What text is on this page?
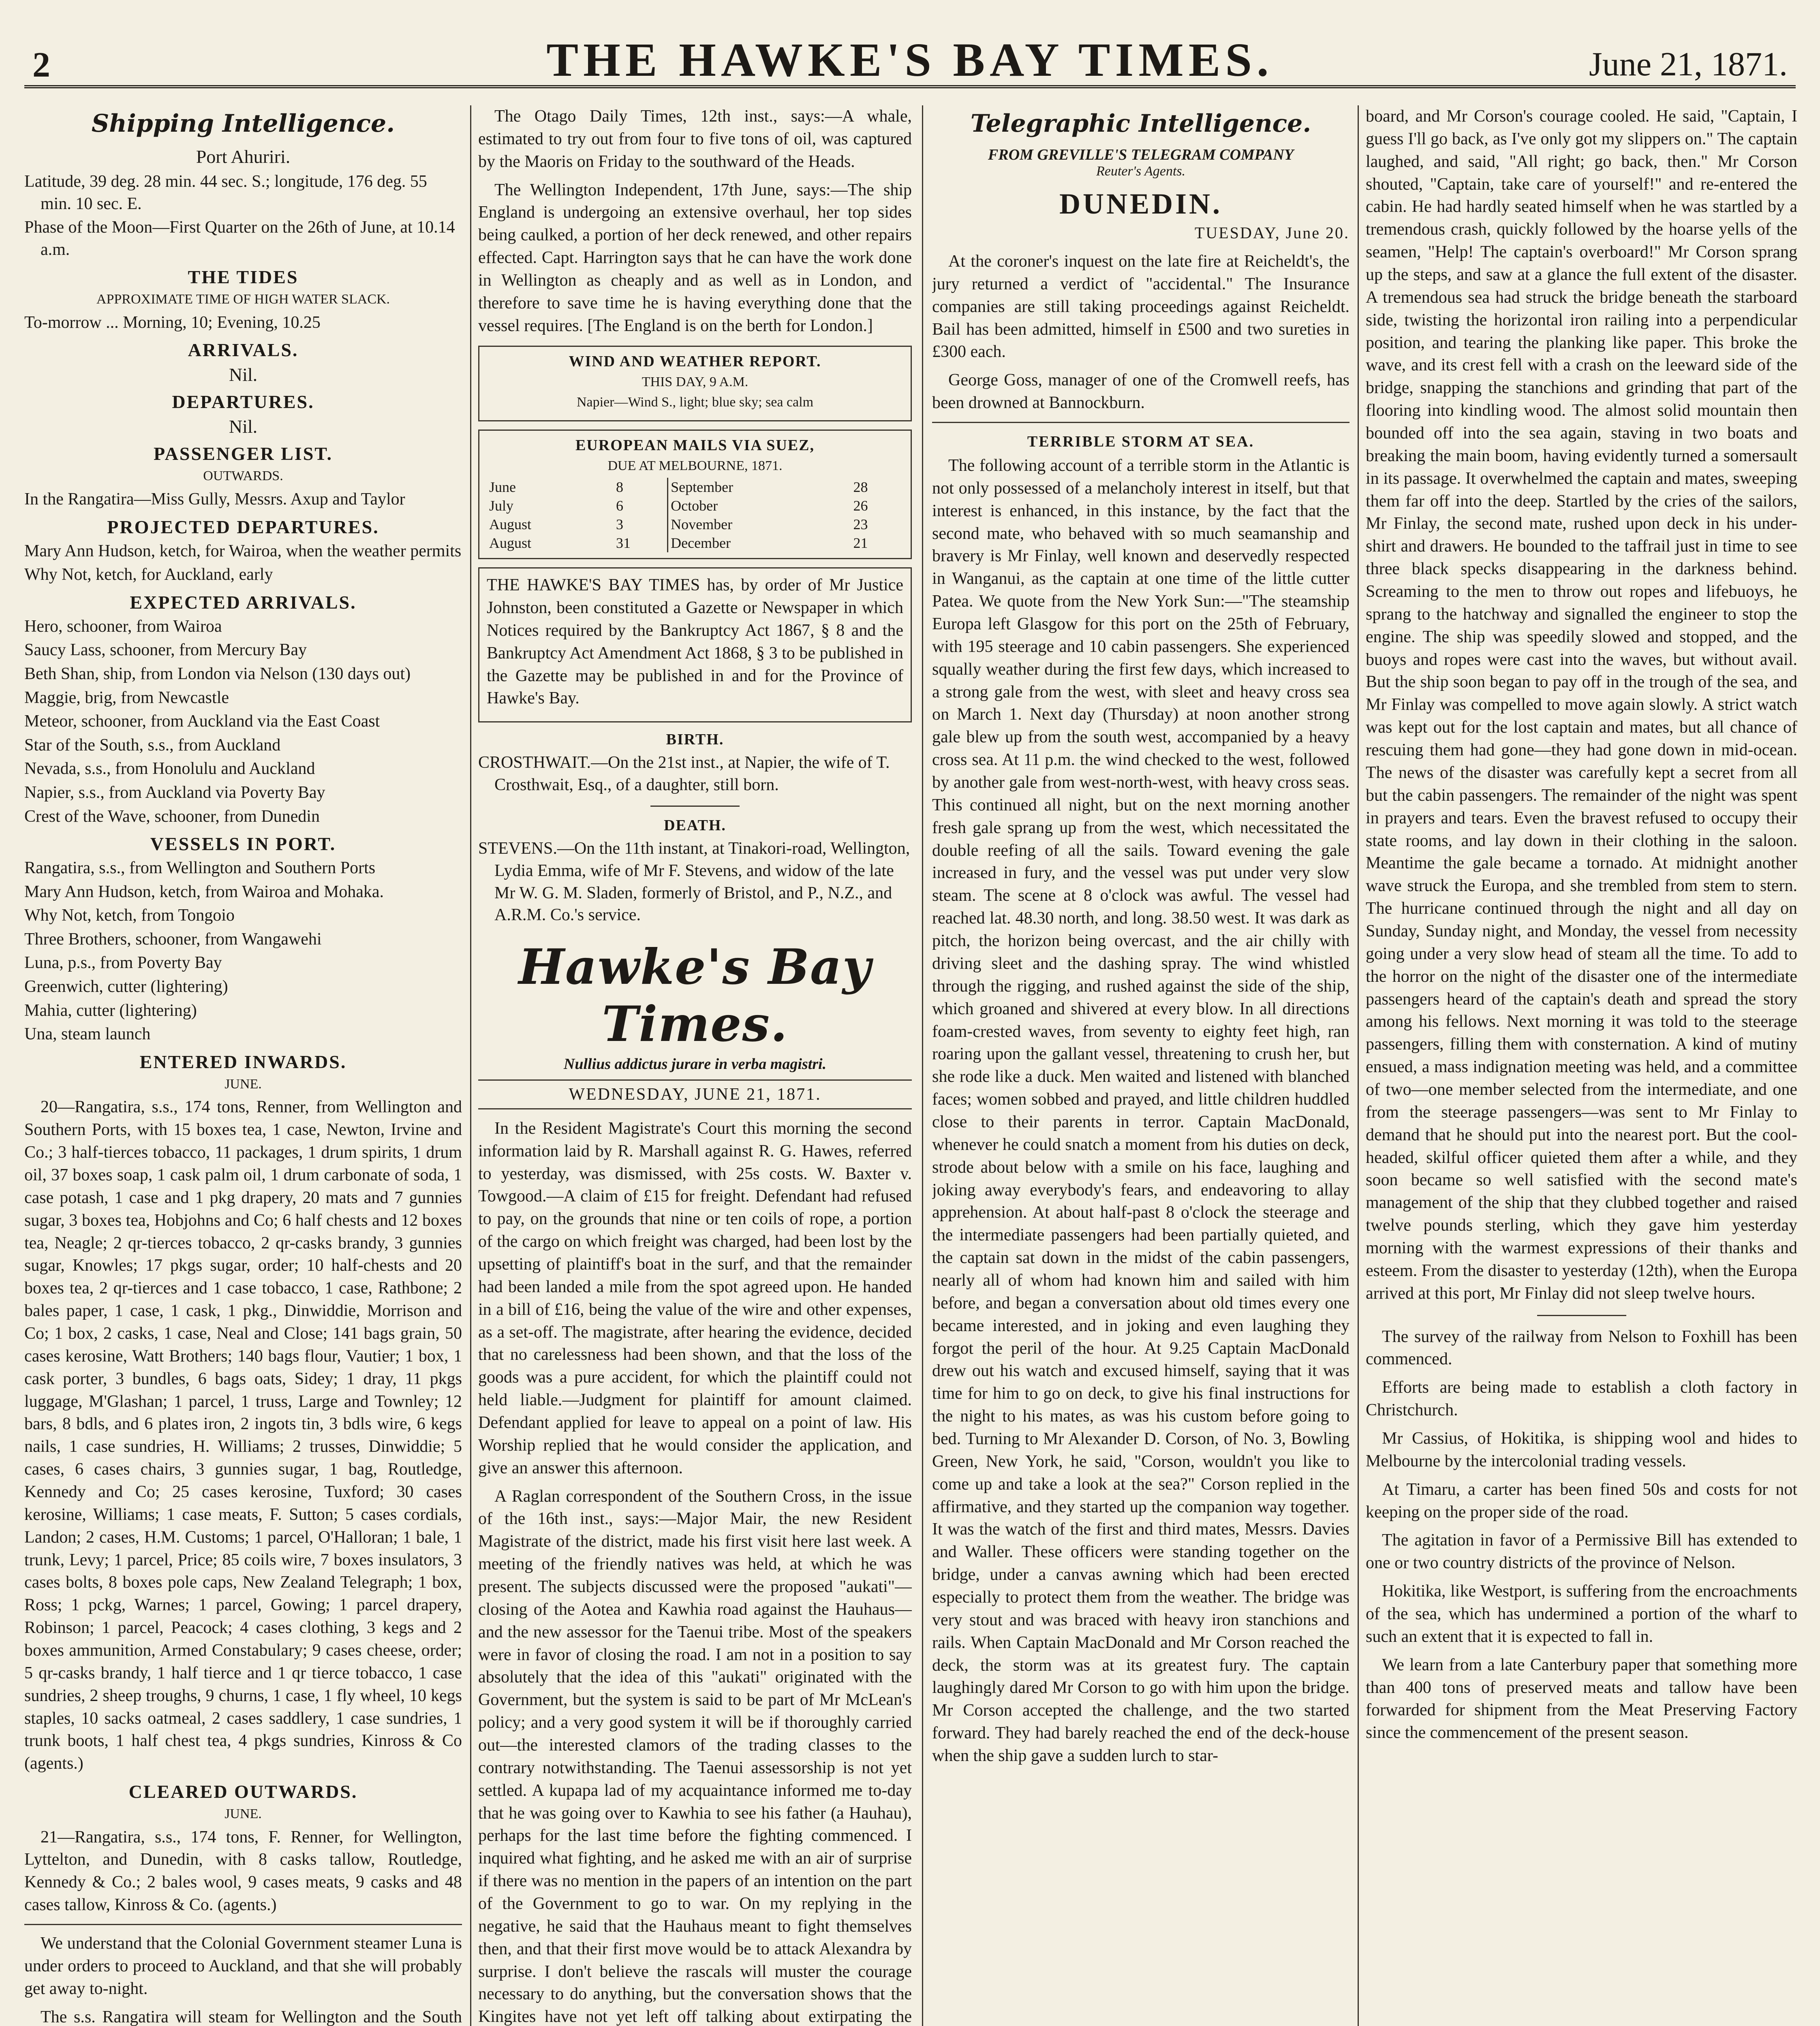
2	THE HAWKE'S BAY TIMES.	June 21, 1871.
Shipping Intelligence.
Port Ahuriri.
Latitude, 39 deg. 28 min. 44 sec. S.; longitude, 176 deg. 55 min. 10 sec. E.
Phase of the Moon—First Quarter on the 26th of June, at 10.14 a.m.
THE TIDES
APPROXIMATE TIME OF HIGH WATER SLACK.
To-morrow ... Morning, 10; Evening, 10.25
ARRIVALS.
Nil.
DEPARTURES.
Nil.
PASSENGER LIST.
OUTWARDS.
In the Rangatira—Miss Gully, Messrs. Axup and Taylor
PROJECTED DEPARTURES.
Mary Ann Hudson, ketch, for Wairoa, when the weather permits
Why Not, ketch, for Auckland, early
EXPECTED ARRIVALS.
Hero, schooner, from Wairoa
Saucy Lass, schooner, from Mercury Bay
Beth Shan, ship, from London via Nelson (130 days out)
Maggie, brig, from Newcastle
Meteor, schooner, from Auckland via the East Coast
Star of the South, s.s., from Auckland
Nevada, s.s., from Honolulu and Auckland
Napier, s.s., from Auckland via Poverty Bay
Crest of the Wave, schooner, from Dunedin
VESSELS IN PORT.
Rangatira, s.s., from Wellington and Southern Ports
Mary Ann Hudson, ketch, from Wairoa and Mohaka.
Why Not, ketch, from Tongoio
Three Brothers, schooner, from Wangawehi
Luna, p.s., from Poverty Bay
Greenwich, cutter (lightering)
Mahia, cutter (lightering)
Una, steam launch
ENTERED INWARDS.
JUNE.
20—Rangatira, s.s., 174 tons, Renner, from Wellington and Southern Ports, with 15 boxes tea, 1 case, Newton, Irvine and Co.; 3 half-tierces tobacco, 11 packages, 1 drum spirits, 1 drum oil, 37 boxes soap, 1 cask palm oil, 1 drum carbonate of soda, 1 case potash, 1 case and 1 pkg drapery, 20 mats and 7 gunnies sugar, 3 boxes tea, Hobjohns and Co; 6 half chests and 12 boxes tea, Neagle; 2 qr-tierces tobacco, 2 qr-casks brandy, 3 gunnies sugar, Knowles; 17 pkgs sugar, order; 10 half-chests and 20 boxes tea, 2 qr-tierces and 1 case tobacco, 1 case, Rathbone; 2 bales paper, 1 case, 1 cask, 1 pkg., Dinwiddie, Morrison and Co; 1 box, 2 casks, 1 case, Neal and Close; 141 bags grain, 50 cases kerosine, Watt Brothers; 140 bags flour, Vautier; 1 box, 1 cask porter, 3 bundles, 6 bags oats, Sidey; 1 dray, 11 pkgs luggage, M'Glashan; 1 parcel, 1 truss, Large and Townley; 12 bars, 8 bdls, and 6 plates iron, 2 ingots tin, 3 bdls wire, 6 kegs nails, 1 case sundries, H. Williams; 2 trusses, Dinwiddie; 5 cases, 6 cases chairs, 3 gunnies sugar, 1 bag, Routledge, Kennedy and Co; 25 cases kerosine, Tuxford; 30 cases kerosine, Williams; 1 case meats, F. Sutton; 5 cases cordials, Landon; 2 cases, H.M. Customs; 1 parcel, O'Halloran; 1 bale, 1 trunk, Levy; 1 parcel, Price; 85 coils wire, 7 boxes insulators, 3 cases bolts, 8 boxes pole caps, New Zealand Telegraph; 1 box, Ross; 1 pckg, Warnes; 1 parcel, Gowing; 1 parcel drapery, Robinson; 1 parcel, Peacock; 4 cases clothing, 3 kegs and 2 boxes ammunition, Armed Constabulary; 9 cases cheese, order; 5 qr-casks brandy, 1 half tierce and 1 qr tierce tobacco, 1 case sundries, 2 sheep troughs, 9 churns, 1 case, 1 fly wheel, 10 kegs staples, 10 sacks oatmeal, 2 cases saddlery, 1 case sundries, 1 trunk boots, 1 half chest tea, 4 pkgs sundries, Kinross & Co (agents.)
CLEARED OUTWARDS.
JUNE.
21—Rangatira, s.s., 174 tons, F. Renner, for Wellington, Lyttelton, and Dunedin, with 8 casks tallow, Routledge, Kennedy & Co.; 2 bales wool, 9 cases meats, 9 casks and 48 cases tallow, Kinross & Co. (agents.)
We understand that the Colonial Government steamer Luna is under orders to proceed to Auckland, and that she will probably get away to-night.
The s.s. Rangatira will steam for Wellington and the South
The Otago Daily Times, 12th inst., says:—A whale, estimated to try out from four to five tons of oil, was captured by the Maoris on Friday to the southward of the Heads.
The Wellington Independent, 17th June, says:—The ship England is undergoing an extensive overhaul, her top sides being caulked, a portion of her deck renewed, and other repairs effected. Capt. Harrington says that he can have the work done in Wellington as cheaply and as well as in London, and therefore to save time he is having everything done that the vessel requires. [The England is on the berth for London.]
WIND AND WEATHER REPORT.
THIS DAY, 9 A.M.
Napier—Wind S., light; blue sky; sea calm
EUROPEAN MAILS VIA SUEZ,
DUE AT MELBOURNE, 1871.
June	8	September	28
July	6	October	26
August	3	November	23
August	31	December	21
THE HAWKE'S BAY TIMES has, by order of Mr Justice Johnston, been constituted a Gazette or Newspaper in which Notices required by the Bankruptcy Act 1867, § 8 and the Bankruptcy Act Amendment Act 1868, § 3 to be published in the Gazette may be published in and for the Province of Hawke's Bay.
BIRTH.
CROSTHWAIT.—On the 21st inst., at Napier, the wife of T. Crosthwait, Esq., of a daughter, still born.
DEATH.
STEVENS.—On the 11th instant, at Tinakori-road, Wellington, Lydia Emma, wife of Mr F. Stevens, and widow of the late Mr W. G. M. Sladen, formerly of Bristol, and P., N.Z., and A.R.M. Co.'s service.
Hawke's Bay Times.
Nullius addictus jurare in verba magistri.
WEDNESDAY, JUNE 21, 1871.
In the Resident Magistrate's Court this morning the second information laid by R. Marshall against R. G. Hawes, referred to yesterday, was dismissed, with 25s costs. W. Baxter v. Towgood.—A claim of £15 for freight. Defendant had refused to pay, on the grounds that nine or ten coils of rope, a portion of the cargo on which freight was charged, had been lost by the upsetting of plaintiff's boat in the surf, and that the remainder had been landed a mile from the spot agreed upon. He handed in a bill of £16, being the value of the wire and other expenses, as a set-off. The magistrate, after hearing the evidence, decided that no carelessness had been shown, and that the loss of the goods was a pure accident, for which the plaintiff could not held liable.—Judgment for plaintiff for amount claimed. Defendant applied for leave to appeal on a point of law. His Worship replied that he would consider the application, and give an answer this afternoon.
A Raglan correspondent of the Southern Cross, in the issue of the 16th inst., says:—Major Mair, the new Resident Magistrate of the district, made his first visit here last week. A meeting of the friendly natives was held, at which he was present. The subjects discussed were the proposed "aukati"—closing of the Aotea and Kawhia road against the Hauhaus—and the new assessor for the Taenui tribe. Most of the speakers were in favor of closing the road. I am not in a position to say absolutely that the idea of this "aukati" originated with the Government, but the system is said to be part of Mr McLean's policy; and a very good system it will be if thoroughly carried out—the interested clamors of the trading classes to the contrary notwithstanding. The Taenui assessorship is not yet settled. A kupapa lad of my acquaintance informed me to-day that he was going over to Kawhia to see his father (a Hauhau), perhaps for the last time before the fighting commenced. I inquired what fighting, and he asked me with an air of surprise if there was no mention in the papers of an intention on the part of the Government to go to war. On my replying in the negative, he said that the Hauhaus meant to fight themselves then, and that their first move would be to attack Alexandra by surprise. I don't believe the rascals will muster the courage necessary to do anything, but the conversation shows that the Kingites have not yet left off talking about extirpating the
Telegraphic Intelligence.
FROM GREVILLE'S TELEGRAM COMPANY
Reuter's Agents.
DUNEDIN.
TUESDAY, June 20.
At the coroner's inquest on the late fire at Reicheldt's, the jury returned a verdict of "accidental." The Insurance companies are still taking proceedings against Reicheldt. Bail has been admitted, himself in £500 and two sureties in £300 each.
George Goss, manager of one of the Cromwell reefs, has been drowned at Bannockburn.
TERRIBLE STORM AT SEA.
The following account of a terrible storm in the Atlantic is not only possessed of a melancholy interest in itself, but that interest is enhanced, in this instance, by the fact that the second mate, who behaved with so much seamanship and bravery is Mr Finlay, well known and deservedly respected in Wanganui, as the captain at one time of the little cutter Patea. We quote from the New York Sun:—"The steamship Europa left Glasgow for this port on the 25th of February, with 195 steerage and 10 cabin passengers. She experienced squally weather during the first few days, which increased to a strong gale from the west, with sleet and heavy cross sea on March 1. Next day (Thursday) at noon another strong gale blew up from the south west, accompanied by a heavy cross sea. At 11 p.m. the wind checked to the west, followed by another gale from west-north-west, with heavy cross seas. This continued all night, but on the next morning another fresh gale sprang up from the west, which necessitated the double reefing of all the sails. Toward evening the gale increased in fury, and the vessel was put under very slow steam. The scene at 8 o'clock was awful. The vessel had reached lat. 48.30 north, and long. 38.50 west. It was dark as pitch, the horizon being overcast, and the air chilly with driving sleet and the dashing spray. The wind whistled through the rigging, and rushed against the side of the ship, which groaned and shivered at every blow. In all directions foam-crested waves, from seventy to eighty feet high, ran roaring upon the gallant vessel, threatening to crush her, but she rode like a duck. Men waited and listened with blanched faces; women sobbed and prayed, and little children huddled close to their parents in terror. Captain MacDonald, whenever he could snatch a moment from his duties on deck, strode about below with a smile on his face, laughing and joking away everybody's fears, and endeavoring to allay apprehension. At about half-past 8 o'clock the steerage and the intermediate passengers had been partially quieted, and the captain sat down in the midst of the cabin passengers, nearly all of whom had known him and sailed with him before, and began a conversation about old times every one became interested, and in joking and even laughing they forgot the peril of the hour. At 9.25 Captain MacDonald drew out his watch and excused himself, saying that it was time for him to go on deck, to give his final instructions for the night to his mates, as was his custom before going to bed. Turning to Mr Alexander D. Corson, of No. 3, Bowling Green, New York, he said, "Corson, wouldn't you like to come up and take a look at the sea?" Corson replied in the affirmative, and they started up the companion way together. It was the watch of the first and third mates, Messrs. Davies and Waller. These officers were standing together on the bridge, under a canvas awning which had been erected especially to protect them from the weather. The bridge was very stout and was braced with heavy iron stanchions and rails. When Captain MacDonald and Mr Corson reached the deck, the storm was at its greatest fury. The captain laughingly dared Mr Corson to go with him upon the bridge. Mr Corson accepted the challenge, and the two started forward. They had barely reached the end of the deck-house when the ship gave a sudden lurch to star-
board, and Mr Corson's courage cooled. He said, "Captain, I guess I'll go back, as I've only got my slippers on." The captain laughed, and said, "All right; go back, then." Mr Corson shouted, "Captain, take care of yourself!" and re-entered the cabin. He had hardly seated himself when he was startled by a tremendous crash, quickly followed by the hoarse yells of the seamen, "Help! The captain's overboard!" Mr Corson sprang up the steps, and saw at a glance the full extent of the disaster. A tremendous sea had struck the bridge beneath the starboard side, twisting the horizontal iron railing into a perpendicular position, and tearing the planking like paper. This broke the wave, and its crest fell with a crash on the leeward side of the bridge, snapping the stanchions and grinding that part of the flooring into kindling wood. The almost solid mountain then bounded off into the sea again, staving in two boats and breaking the main boom, having evidently turned a somersault in its passage. It overwhelmed the captain and mates, sweeping them far off into the deep. Startled by the cries of the sailors, Mr Finlay, the second mate, rushed upon deck in his under-shirt and drawers. He bounded to the taffrail just in time to see three black specks disappearing in the darkness behind. Screaming to the men to throw out ropes and lifebuoys, he sprang to the hatchway and signalled the engineer to stop the engine. The ship was speedily slowed and stopped, and the buoys and ropes were cast into the waves, but without avail. But the ship soon began to pay off in the trough of the sea, and Mr Finlay was compelled to move again slowly. A strict watch was kept out for the lost captain and mates, but all chance of rescuing them had gone—they had gone down in mid-ocean. The news of the disaster was carefully kept a secret from all but the cabin passengers. The remainder of the night was spent in prayers and tears. Even the bravest refused to occupy their state rooms, and lay down in their clothing in the saloon. Meantime the gale became a tornado. At midnight another wave struck the Europa, and she trembled from stem to stern. The hurricane continued through the night and all day on Sunday, Sunday night, and Monday, the vessel from necessity going under a very slow head of steam all the time. To add to the horror on the night of the disaster one of the intermediate passengers heard of the captain's death and spread the story among his fellows. Next morning it was told to the steerage passengers, filling them with consternation. A kind of mutiny ensued, a mass indignation meeting was held, and a committee of two—one member selected from the intermediate, and one from the steerage passengers—was sent to Mr Finlay to demand that he should put into the nearest port. But the cool-headed, skilful officer quieted them after a while, and they soon became so well satisfied with the second mate's management of the ship that they clubbed together and raised twelve pounds sterling, which they gave him yesterday morning with the warmest expressions of their thanks and esteem. From the disaster to yesterday (12th), when the Europa arrived at this port, Mr Finlay did not sleep twelve hours.
The survey of the railway from Nelson to Foxhill has been commenced.
Efforts are being made to establish a cloth factory in Christchurch.
Mr Cassius, of Hokitika, is shipping wool and hides to Melbourne by the intercolonial trading vessels.
At Timaru, a carter has been fined 50s and costs for not keeping on the proper side of the road.
The agitation in favor of a Permissive Bill has extended to one or two country districts of the province of Nelson.
Hokitika, like Westport, is suffering from the encroachments of the sea, which has undermined a portion of the wharf to such an extent that it is expected to fall in.
We learn from a late Canterbury paper that something more than 400 tons of preserved meats and tallow have been forwarded for shipment from the Meat Preserving Factory since the commencement of the present season.
